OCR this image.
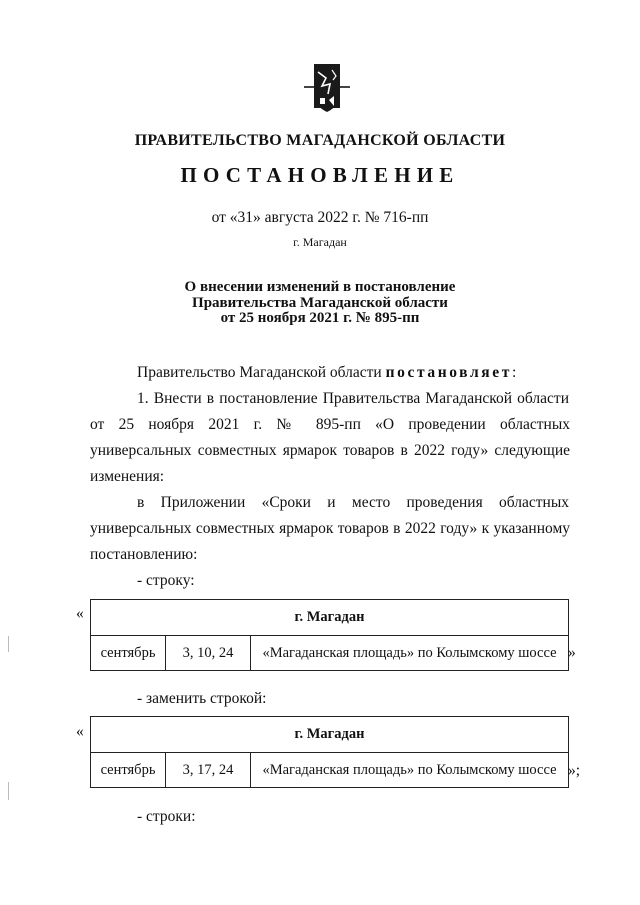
ПРАВИТЕЛЬСТВО МАГАДАНСКОЙ ОБЛАСТИ
ПОСТАНОВЛЕНИЕ
от «31» августа 2022 г. № 716-пп
г. Магадан
О внесении изменений в постановление
Правительства Магаданской области
от 25 ноября 2021 г. № 895-пп
Правительство Магаданской области постановляет:
1. Внести в постановление Правительства Магаданской области
от 25 ноября 2021 г. № 895-пп «О проведении областных
универсальных совместных ярмарок товаров в 2022 году» следующие
изменения:
в Приложении «Сроки и место проведения областных
универсальных совместных ярмарок товаров в 2022 году» к указанному
постановлению:
- строку:
«	г. Магадан
сентябрь	3, 10, 24	«Магаданская площадь» по Колымскому шоссе »
- заменить строкой:
«	г. Магадан
сентябрь	3, 17, 24	«Магаданская площадь» по Колымскому шоссе »;
- строки:
